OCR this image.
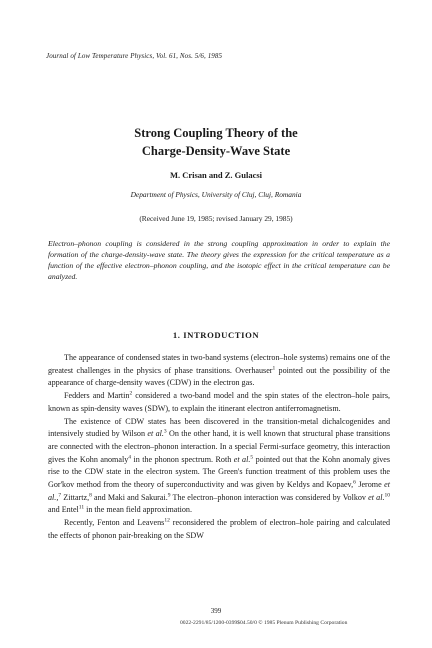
Journal of Low Temperature Physics, Vol. 61, Nos. 5/6, 1985
Strong Coupling Theory of the
Charge-Density-Wave State
M. Crisan and Z. Gulacsi
Department of Physics, University of Cluj, Cluj, Romania
(Received June 19, 1985; revised January 29, 1985)
Electron–phonon coupling is considered in the strong coupling approximation in order to explain the formation of the charge-density-wave state. The theory gives the expression for the critical temperature as a function of the effective electron–phonon coupling, and the isotopic effect in the critical temperature can be analyzed.
1. INTRODUCTION

The appearance of condensed states in two-band systems (electron–hole systems) remains one of the greatest challenges in the physics of phase transitions. Overhauser$^1$ pointed out the possibility of the appearance of charge-density waves (CDW) in the electron gas.

Fedders and Martin$^2$ considered a two-band model and the spin states of the electron–hole pairs, known as spin-density waves (SDW), to explain the itinerant electron antiferromagnetism.

The existence of CDW states has been discovered in the transition-metal dichalcogenides and intensively studied by Wilson et al.$^3$ On the other hand, it is well known that structural phase transitions are connected with the electron–phonon interaction. In a special Fermi-surface geometry, this interaction gives the Kohn anomaly$^4$ in the phonon spectrum. Roth et al.$^5$ pointed out that the Kohn anomaly gives rise to the CDW state in the electron system. The Green's function treatment of this problem uses the Gor'kov method from the theory of superconductivity and was given by Keldys and Kopaev,$^6$ Jerome et al.,$^7$ Zittartz,$^8$ and Maki and Sakurai.$^9$ The electron–phonon interaction was considered by Volkov et al.$^{10}$ and Entel$^{11}$ in the mean field approximation.

Recently, Fenton and Leavens$^{12}$ reconsidered the problem of electron–hole pairing and calculated the effects of phonon pair-breaking on the SDW

399
0022-2291/85/1200-0399$04.50/0 © 1985 Plenum Publishing Corporation
